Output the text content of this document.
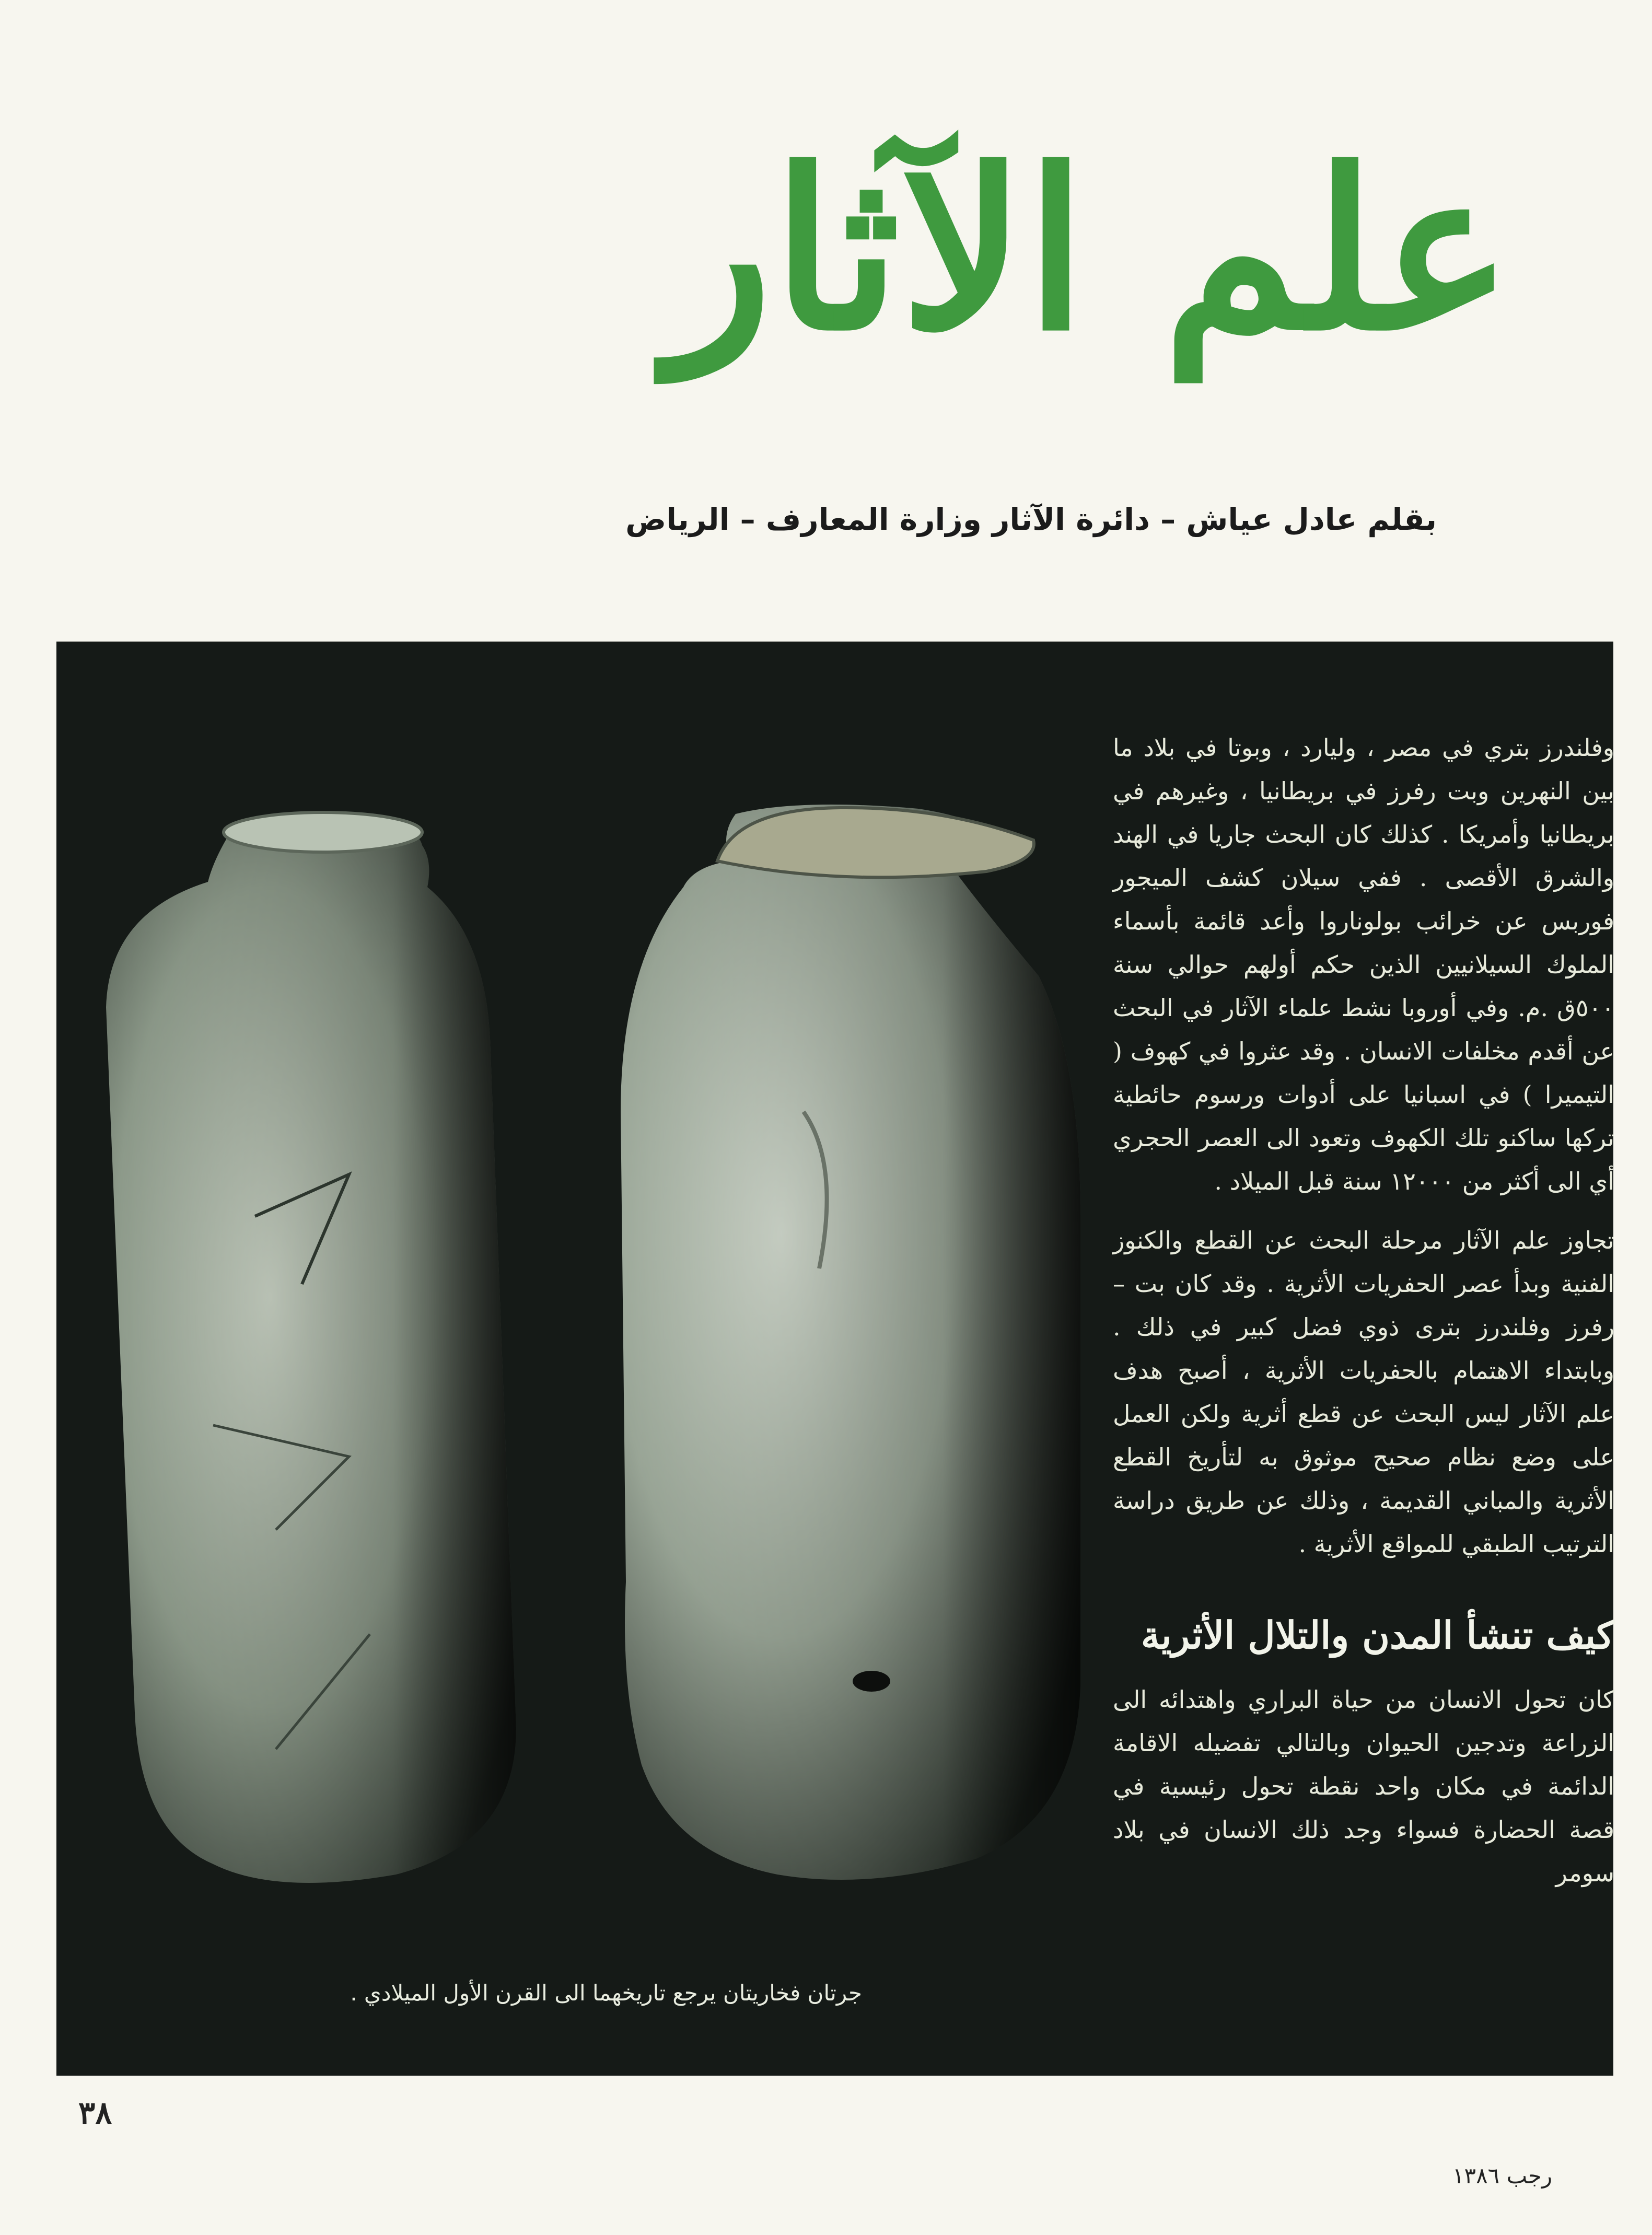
علم الآثار
بقلم عادل عياش – دائرة الآثار وزارة المعارف – الرياض
جرتان فخاريتان يرجع تاريخهما الى القرن الأول الميلادي .

وفلندرز بتري في مصر ، وليارد ، وبوتا في بلاد ما بين النهرين وبت رفرز في بريطانيا ، وغيرهم في بريطانيا وأمريكا . كذلك كان البحث جاريا في الهند والشرق الأقصى . ففي سيلان كشف الميجور فوربس عن خرائب بولوناروا وأعد قائمة بأسماء الملوك السيلانيين الذين حكم أولهم حوالي سنة ٥٠٠ق .م. وفي أوروبا نشط علماء الآثار في البحث عن أقدم مخلفات الانسان . وقد عثروا في كهوف ( التيميرا ) في اسبانيا على أدوات ورسوم حائطية تركها ساكنو تلك الكهوف وتعود الى العصر الحجري أي الى أكثر من ١٢٠٠٠ سنة قبل الميلاد .

تجاوز علم الآثار مرحلة البحث عن القطع والكنوز الفنية وبدأ عصر الحفريات الأثرية . وقد كان بت – رفرز وفلندرز بترى ذوي فضل كبير في ذلك . وبابتداء الاهتمام بالحفريات الأثرية ، أصبح هدف علم الآثار ليس البحث عن قطع أثرية ولكن العمل على وضع نظام صحيح موثوق به لتأريخ القطع الأثرية والمباني القديمة ، وذلك عن طريق دراسة الترتيب الطبقي للمواقع الأثرية .

كيف تنشأ المدن والتلال الأثرية

كان تحول الانسان من حياة البراري واهتدائه الى الزراعة وتدجين الحيوان وبالتالي تفضيله الاقامة الدائمة في مكان واحد نقطة تحول رئيسية في قصة الحضارة فسواء وجد ذلك الانسان في بلاد سومر

٣٨
رجب ١٣٨٦
